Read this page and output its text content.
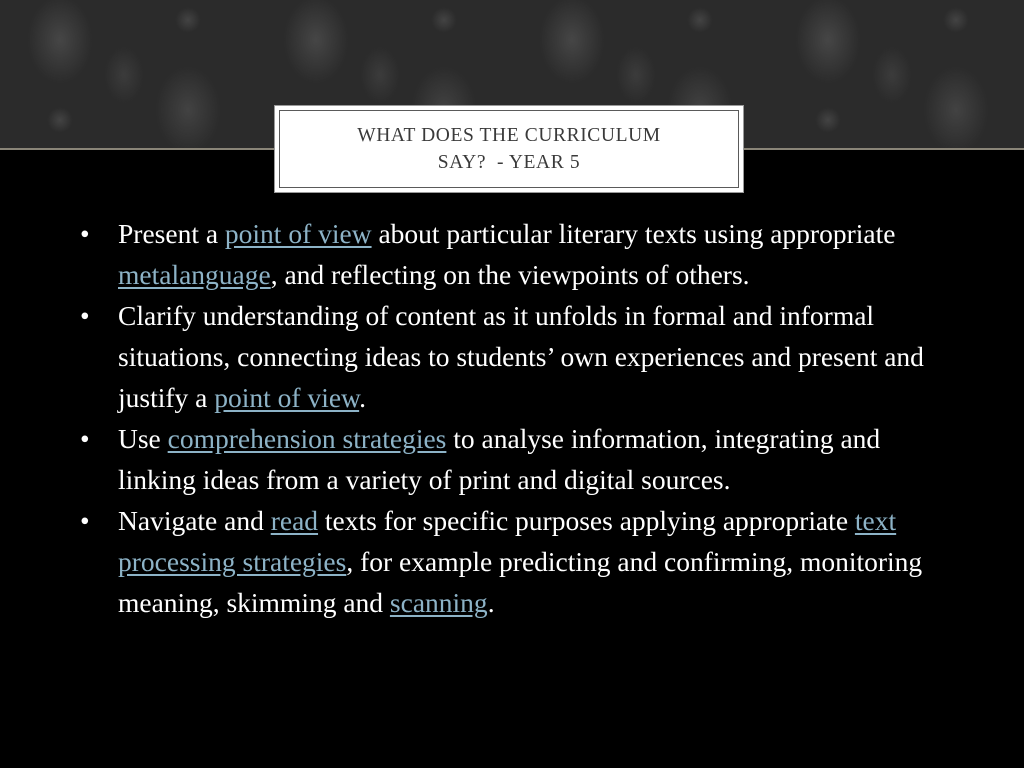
WHAT DOES THE CURRICULUM
SAY?  - YEAR 5
•	Present a point of view about particular literary texts using appropriate metalanguage, and reflecting on the viewpoints of others.
•	Clarify understanding of content as it unfolds in formal and informal situations, connecting ideas to students’ own experiences and present and justify a point of view.
•	Use comprehension strategies to analyse information, integrating and linking ideas from a variety of print and digital sources.
•	Navigate and read texts for specific purposes applying appropriate text processing strategies, for example predicting and confirming, monitoring meaning, skimming and scanning.
